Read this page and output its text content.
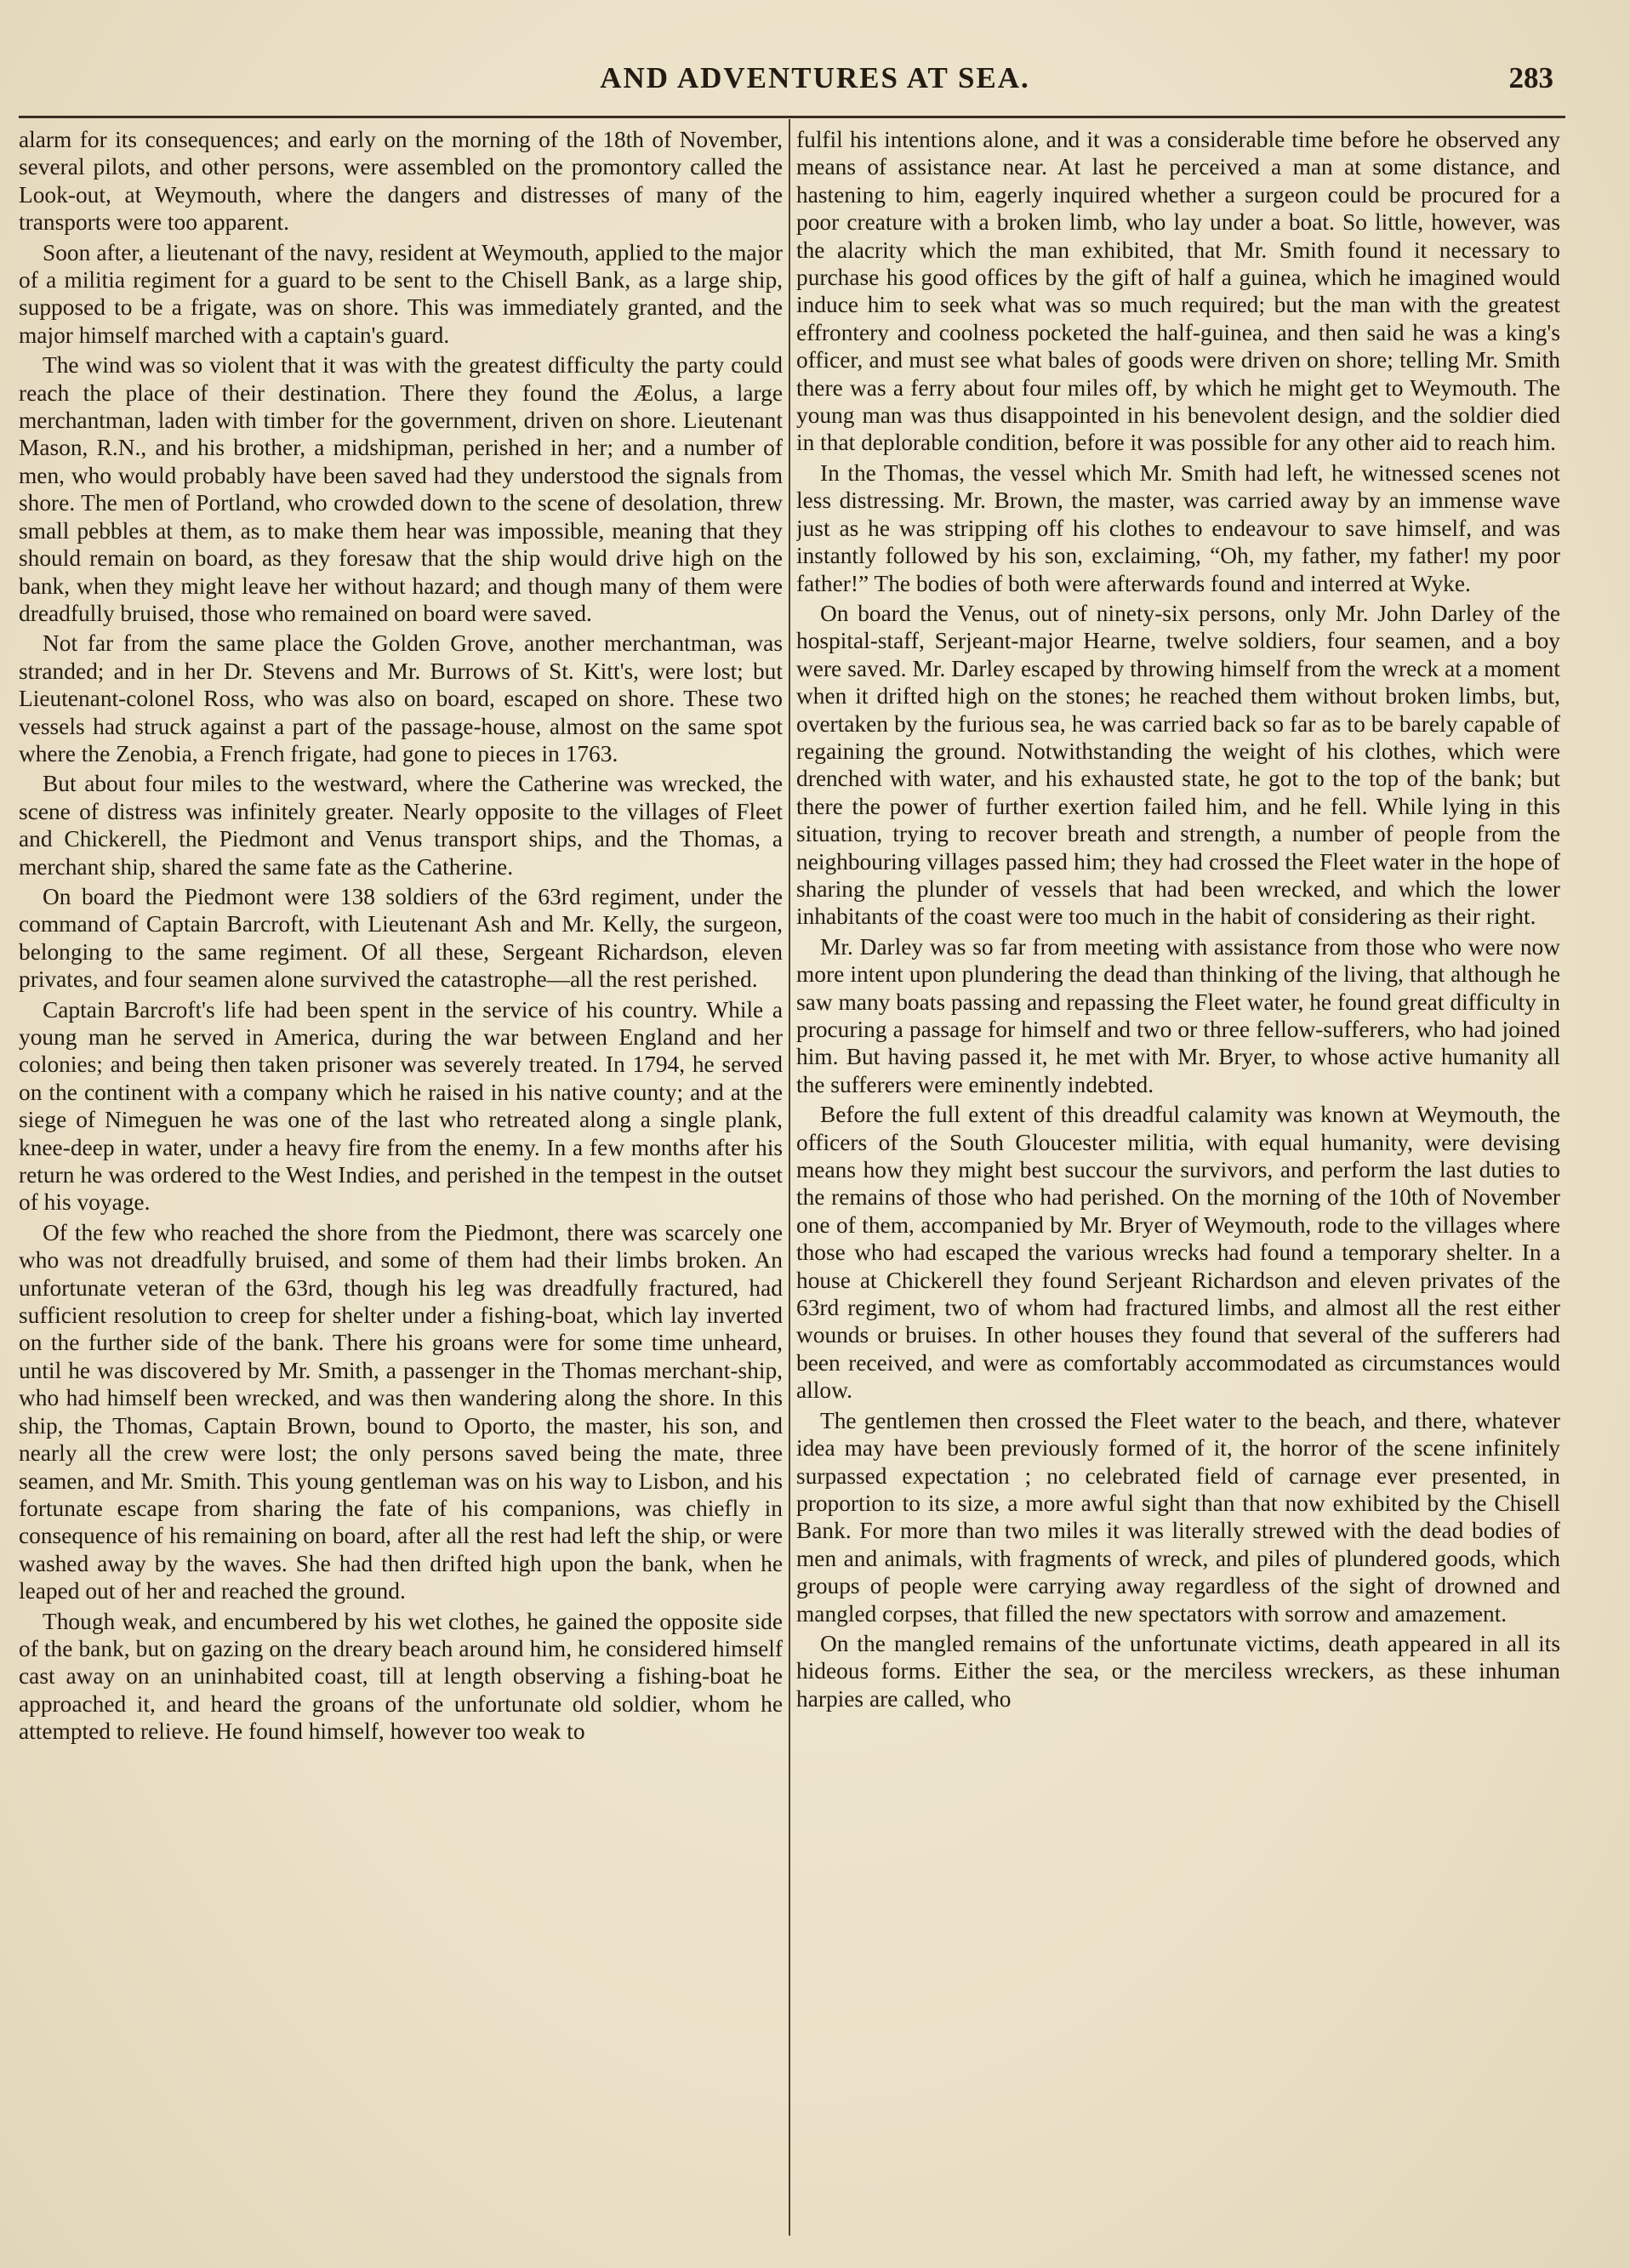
AND ADVENTURES AT SEA.	283

alarm for its consequences; and early on the morning of the 18th of November, several pilots, and other persons, were assembled on the promontory called the Look-out, at Weymouth, where the dangers and distresses of many of the transports were too apparent.

Soon after, a lieutenant of the navy, resident at Weymouth, applied to the major of a militia regiment for a guard to be sent to the Chisell Bank, as a large ship, supposed to be a frigate, was on shore. This was immediately granted, and the major himself marched with a captain's guard.

The wind was so violent that it was with the greatest difficulty the party could reach the place of their destination. There they found the Æolus, a large merchantman, laden with timber for the government, driven on shore. Lieutenant Mason, R.N., and his brother, a midshipman, perished in her; and a number of men, who would probably have been saved had they understood the signals from shore. The men of Portland, who crowded down to the scene of desolation, threw small pebbles at them, as to make them hear was impossible, meaning that they should remain on board, as they foresaw that the ship would drive high on the bank, when they might leave her without hazard; and though many of them were dreadfully bruised, those who remained on board were saved.

Not far from the same place the Golden Grove, another merchantman, was stranded; and in her Dr. Stevens and Mr. Burrows of St. Kitt's, were lost; but Lieutenant-colonel Ross, who was also on board, escaped on shore. These two vessels had struck against a part of the passage-house, almost on the same spot where the Zenobia, a French frigate, had gone to pieces in 1763.

But about four miles to the westward, where the Catherine was wrecked, the scene of distress was infinitely greater. Nearly opposite to the villages of Fleet and Chickerell, the Piedmont and Venus transport ships, and the Thomas, a merchant ship, shared the same fate as the Catherine.

On board the Piedmont were 138 soldiers of the 63rd regiment, under the command of Captain Barcroft, with Lieutenant Ash and Mr. Kelly, the surgeon, belonging to the same regiment. Of all these, Sergeant Richardson, eleven privates, and four seamen alone survived the catastrophe—all the rest perished.

Captain Barcroft's life had been spent in the service of his country. While a young man he served in America, during the war between England and her colonies; and being then taken prisoner was severely treated. In 1794, he served on the continent with a company which he raised in his native county; and at the siege of Nimeguen he was one of the last who retreated along a single plank, knee-deep in water, under a heavy fire from the enemy. In a few months after his return he was ordered to the West Indies, and perished in the tempest in the outset of his voyage.

Of the few who reached the shore from the Piedmont, there was scarcely one who was not dreadfully bruised, and some of them had their limbs broken. An unfortunate veteran of the 63rd, though his leg was dreadfully fractured, had sufficient resolution to creep for shelter under a fishing-boat, which lay inverted on the further side of the bank. There his groans were for some time unheard, until he was discovered by Mr. Smith, a passenger in the Thomas merchant-ship, who had himself been wrecked, and was then wandering along the shore. In this ship, the Thomas, Captain Brown, bound to Oporto, the master, his son, and nearly all the crew were lost; the only persons saved being the mate, three seamen, and Mr. Smith. This young gentleman was on his way to Lisbon, and his fortunate escape from sharing the fate of his companions, was chiefly in consequence of his remaining on board, after all the rest had left the ship, or were washed away by the waves. She had then drifted high upon the bank, when he leaped out of her and reached the ground.

Though weak, and encumbered by his wet clothes, he gained the opposite side of the bank, but on gazing on the dreary beach around him, he considered himself cast away on an uninhabited coast, till at length observing a fishing-boat he approached it, and heard the groans of the unfortunate old soldier, whom he attempted to relieve. He found himself, however too weak to

fulfil his intentions alone, and it was a considerable time before he observed any means of assistance near. At last he perceived a man at some distance, and hastening to him, eagerly inquired whether a surgeon could be procured for a poor creature with a broken limb, who lay under a boat. So little, however, was the alacrity which the man exhibited, that Mr. Smith found it necessary to purchase his good offices by the gift of half a guinea, which he imagined would induce him to seek what was so much required; but the man with the greatest effrontery and coolness pocketed the half-guinea, and then said he was a king's officer, and must see what bales of goods were driven on shore; telling Mr. Smith there was a ferry about four miles off, by which he might get to Weymouth. The young man was thus disappointed in his benevolent design, and the soldier died in that deplorable condition, before it was possible for any other aid to reach him.

In the Thomas, the vessel which Mr. Smith had left, he witnessed scenes not less distressing. Mr. Brown, the master, was carried away by an immense wave just as he was stripping off his clothes to endeavour to save himself, and was instantly followed by his son, exclaiming, “Oh, my father, my father! my poor father!” The bodies of both were afterwards found and interred at Wyke.

On board the Venus, out of ninety-six persons, only Mr. John Darley of the hospital-staff, Serjeant-major Hearne, twelve soldiers, four seamen, and a boy were saved. Mr. Darley escaped by throwing himself from the wreck at a moment when it drifted high on the stones; he reached them without broken limbs, but, overtaken by the furious sea, he was carried back so far as to be barely capable of regaining the ground. Notwithstanding the weight of his clothes, which were drenched with water, and his exhausted state, he got to the top of the bank; but there the power of further exertion failed him, and he fell. While lying in this situation, trying to recover breath and strength, a number of people from the neighbouring villages passed him; they had crossed the Fleet water in the hope of sharing the plunder of vessels that had been wrecked, and which the lower inhabitants of the coast were too much in the habit of considering as their right.

Mr. Darley was so far from meeting with assistance from those who were now more intent upon plundering the dead than thinking of the living, that although he saw many boats passing and repassing the Fleet water, he found great difficulty in procuring a passage for himself and two or three fellow-sufferers, who had joined him. But having passed it, he met with Mr. Bryer, to whose active humanity all the sufferers were eminently indebted.

Before the full extent of this dreadful calamity was known at Weymouth, the officers of the South Gloucester militia, with equal humanity, were devising means how they might best succour the survivors, and perform the last duties to the remains of those who had perished. On the morning of the 10th of November one of them, accompanied by Mr. Bryer of Weymouth, rode to the villages where those who had escaped the various wrecks had found a temporary shelter. In a house at Chickerell they found Serjeant Richardson and eleven privates of the 63rd regiment, two of whom had fractured limbs, and almost all the rest either wounds or bruises. In other houses they found that several of the sufferers had been received, and were as comfortably accommodated as circumstances would allow.

The gentlemen then crossed the Fleet water to the beach, and there, whatever idea may have been previously formed of it, the horror of the scene infinitely surpassed expectation ; no celebrated field of carnage ever presented, in proportion to its size, a more awful sight than that now exhibited by the Chisell Bank. For more than two miles it was literally strewed with the dead bodies of men and animals, with fragments of wreck, and piles of plundered goods, which groups of people were carrying away regardless of the sight of drowned and mangled corpses, that filled the new spectators with sorrow and amazement.

On the mangled remains of the unfortunate victims, death appeared in all its hideous forms. Either the sea, or the merciless wreckers, as these inhuman harpies are called, who
